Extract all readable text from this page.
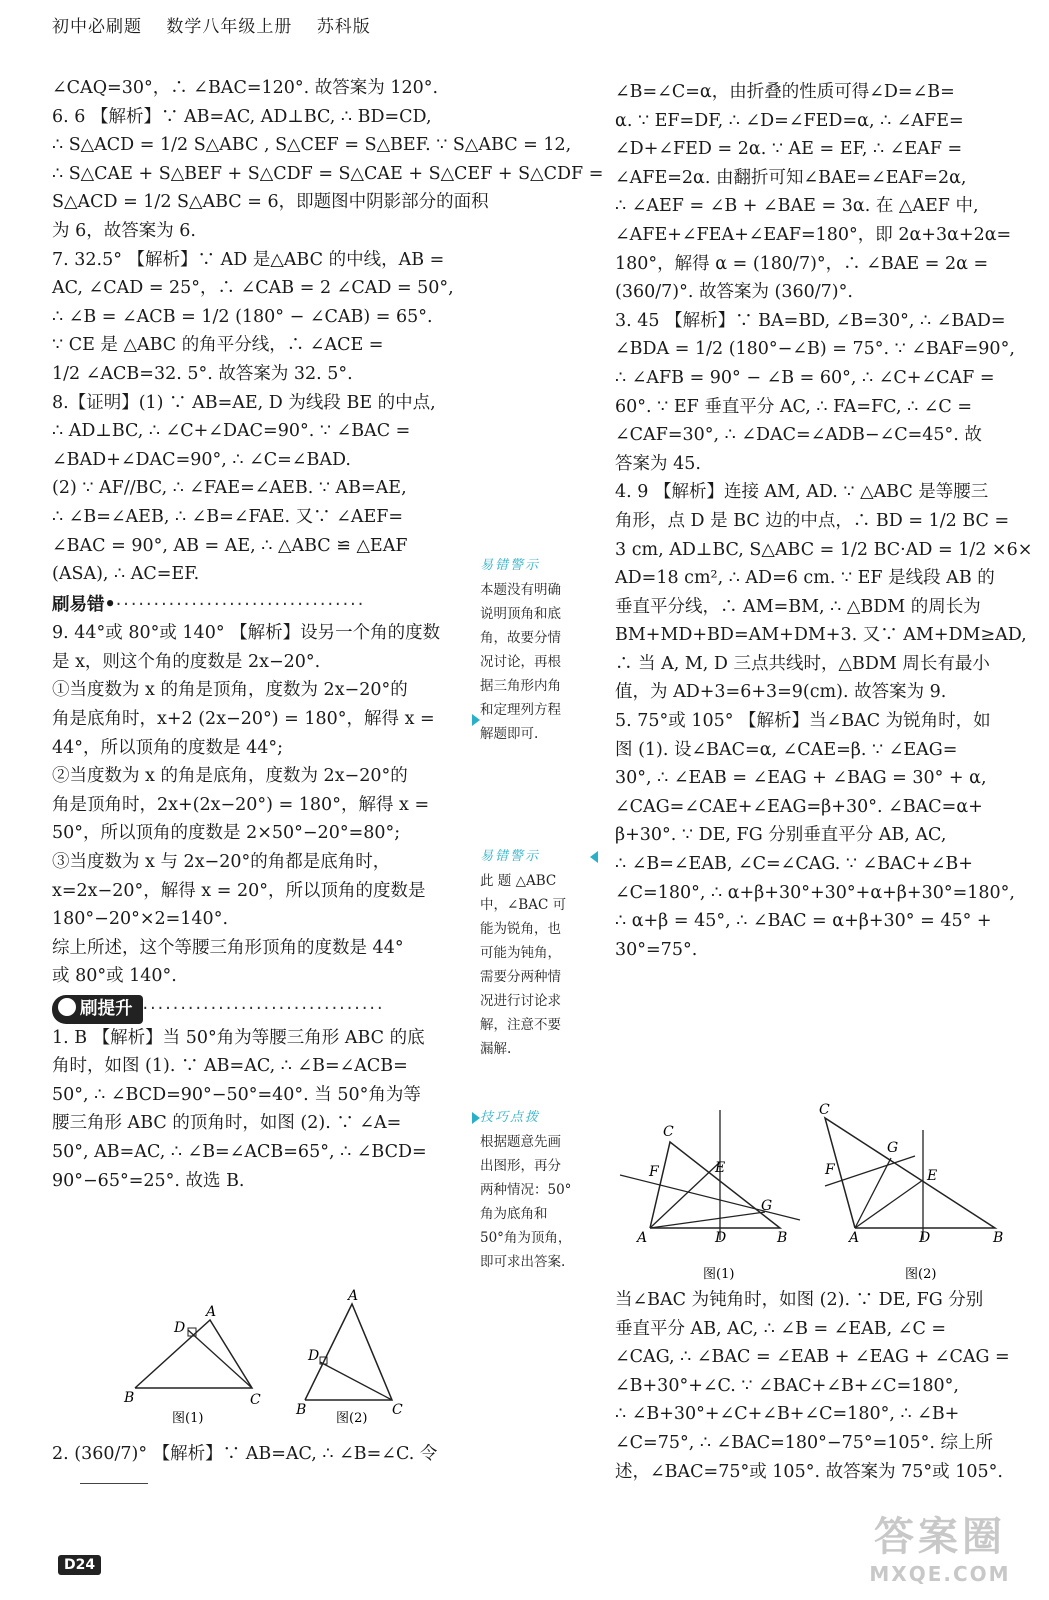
初中必刷题 数学八年级上册 苏科版
∠CAQ=30°，∴ ∠BAC=120°. 故答案为 120°.
6. 6 【解析】∵ AB=AC, AD⊥BC, ∴ BD=CD,
∴ S△ACD = 1/2 S△ABC , S△CEF = S△BEF. ∵ S△ABC = 12,
∴ S△CAE + S△BEF + S△CDF = S△CAE + S△CEF + S△CDF =
S△ACD = 1/2 S△ABC = 6，即题图中阴影部分的面积
为 6，故答案为 6.
7. 32.5° 【解析】∵ AD 是△ABC 的中线，AB =
AC, ∠CAD = 25°，∴ ∠CAB = 2 ∠CAD = 50°,
∴ ∠B = ∠ACB = 1/2 (180° − ∠CAB) = 65°.
∵ CE 是 △ABC 的角平分线，∴ ∠ACE =
1/2 ∠ACB=32. 5°. 故答案为 32. 5°.
8.【证明】(1) ∵ AB=AE, D 为线段 BE 的中点,
∴ AD⊥BC, ∴ ∠C+∠DAC=90°. ∵ ∠BAC =
∠BAD+∠DAC=90°, ∴ ∠C=∠BAD.
(2) ∵ AF//BC, ∴ ∠FAE=∠AEB. ∵ AB=AE,
∴ ∠B=∠AEB, ∴ ∠B=∠FAE. 又∵ ∠AEF=
∠BAC = 90°, AB = AE, ∴ △ABC ≌ △EAF
(ASA), ∴ AC=EF.
刷易错•·································
9. 44°或 80°或 140° 【解析】设另一个角的度数
是 x，则这个角的度数是 2x−20°.
①当度数为 x 的角是顶角，度数为 2x−20°的
角是底角时，x+2 (2x−20°) = 180°，解得 x =
44°，所以顶角的度数是 44°;
②当度数为 x 的角是底角，度数为 2x−20°的
角是顶角时，2x+(2x−20°) = 180°，解得 x =
50°，所以顶角的度数是 2×50°−20°=80°;
③当度数为 x 与 2x−20°的角都是底角时，
x=2x−20°，解得 x = 20°，所以顶角的度数是
180°−20°×2=140°.
综上所述，这个等腰三角形顶角的度数是 44°
或 80°或 140°.
刷提升 ································
1. B 【解析】当 50°角为等腰三角形 ABC 的底
角时，如图 (1). ∵ AB=AC, ∴ ∠B=∠ACB=
50°, ∴ ∠BCD=90°−50°=40°. 当 50°角为等
腰三角形 ABC 的顶角时，如图 (2). ∵ ∠A=
50°, AB=AC, ∴ ∠B=∠ACB=65°, ∴ ∠BCD=
90°−65°=25°. 故选 B.
A
D
B	C
图(1)
A
D
B	C
图(2)
2. (360/7)° 【解析】∵ AB=AC, ∴ ∠B=∠C. 令
易错警示
本题没有明确
说明顶角和底
角，故要分情
况讨论，再根
据三角形内角
和定理列方程
解题即可.
易错警示
此 题 △ABC
中，∠BAC 可
能为锐角，也
可能为钝角，
需要分两种情
况进行讨论求
解，注意不要
漏解.
技巧点拨
根据题意先画
出图形，再分
两种情况：50°
角为底角和
50°角为顶角，
即可求出答案.
∠B=∠C=α，由折叠的性质可得∠D=∠B=
α. ∵ EF=DF, ∴ ∠D=∠FED=α, ∴ ∠AFE=
∠D+∠FED = 2α. ∵ AE = EF, ∴ ∠EAF =
∠AFE=2α. 由翻折可知∠BAE=∠EAF=2α,
∴ ∠AEF = ∠B + ∠BAE = 3α. 在 △AEF 中,
∠AFE+∠FEA+∠EAF=180°，即 2α+3α+2α=
180°，解得 α = (180/7)°，∴ ∠BAE = 2α =
(360/7)°. 故答案为 (360/7)°.
3. 45 【解析】∵ BA=BD, ∠B=30°, ∴ ∠BAD=
∠BDA = 1/2 (180°−∠B) = 75°. ∵ ∠BAF=90°,
∴ ∠AFB = 90° − ∠B = 60°, ∴ ∠C+∠CAF =
60°. ∵ EF 垂直平分 AC, ∴ FA=FC, ∴ ∠C =
∠CAF=30°, ∴ ∠DAC=∠ADB−∠C=45°. 故
答案为 45.
4. 9 【解析】连接 AM, AD. ∵ △ABC 是等腰三
角形，点 D 是 BC 边的中点，∴ BD = 1/2 BC =
3 cm, AD⊥BC, S△ABC = 1/2 BC·AD = 1/2 ×6×
AD=18 cm², ∴ AD=6 cm. ∵ EF 是线段 AB 的
垂直平分线，∴ AM=BM, ∴ △BDM 的周长为
BM+MD+BD=AM+DM+3. 又∵ AM+DM≥AD,
∴ 当 A, M, D 三点共线时，△BDM 周长有最小
值，为 AD+3=6+3=9(cm). 故答案为 9.
5. 75°或 105° 【解析】当∠BAC 为锐角时，如
图 (1). 设∠BAC=α, ∠CAE=β. ∵ ∠EAG=
30°, ∴ ∠EAB = ∠EAG + ∠BAG = 30° + α,
∠CAG=∠CAE+∠EAG=β+30°. ∠BAC=α+
β+30°. ∵ DE, FG 分别垂直平分 AB, AC,
∴ ∠B=∠EAB, ∠C=∠CAG. ∵ ∠BAC+∠B+
∠C=180°, ∴ α+β+30°+30°+α+β+30°=180°,
∴ α+β = 45°, ∴ ∠BAC = α+β+30° = 45° +
30°=75°.
C
F	E
G
A	D	B
图(1)
C
F
G
E
A	D	B
图(2)
当∠BAC 为钝角时，如图 (2). ∵ DE, FG 分别
垂直平分 AB, AC, ∴ ∠B = ∠EAB, ∠C =
∠CAG, ∴ ∠BAC = ∠EAB + ∠EAG + ∠CAG =
∠B+30°+∠C. ∵ ∠BAC+∠B+∠C=180°,
∴ ∠B+30°+∠C+∠B+∠C=180°, ∴ ∠B+
∠C=75°, ∴ ∠BAC=180°−75°=105°. 综上所
述，∠BAC=75°或 105°. 故答案为 75°或 105°.
D24
答案圈
MXQE.COM
